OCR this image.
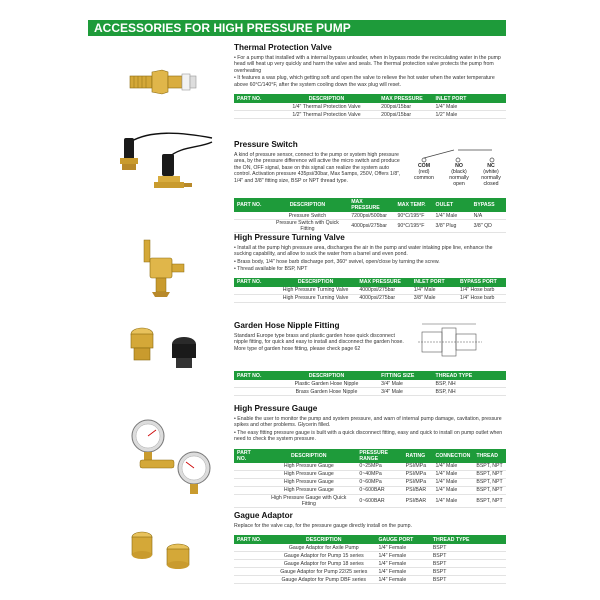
ACCESSORIES FOR HIGH PRESSURE PUMP
Thermal Protection Valve

• For a pump that installed with a internal bypass unloader, when in bypass mode the recirculating water in the pump head will heat up very quickly and harm the valve and seals. The thermal protection valve protects the pump from overheating

• It features a wax plug, which getting soft and open the valve to relieve the hot water when the water temperature above 60°C/140°F, after the system cooling down the wax plug will reset.

PART NO.	DESCRIPTION	MAX PRESSURE	INLET PORT
	1/4" Thermal Protection Valve	200psi/15bar	1/4" Male
	1/2" Thermal Protection Valve	200psi/15bar	1/2" Male
Pressure Switch

A kind of pressure sensor, connect to the pump or system high pressure area, by the pressure difference will active the micro switch and produce the ON, OFF signal, base on this signal can realize the system auto control. Activation pressure 435psi/30bar, Max 5amps, 250V, Offers 1/8", 1/4" and 3/8" fitting size, BSP or NPT thread type.

COM
(red)
common
NO
(black)
normally open
NC
(white)
normally closed
PART NO.	DESCRIPTION	MAX PRESSURE	MAX TEMP.	OULET	BYPASS
	Pressure Switch	7200psi/500bar	90°C/195°F	1/4" Male	N/A
	Pressure Switch with Quick Fitting	4000psi/275bar	90°C/195°F	3/8" Plug	3/8" QD
High Pressure Turning Valve

• Install at the pump high pressure area, discharges the air in the pump and water intaking pipe line, enhance the sucking capability, and allow to suck the water from a barrel and even pond.

• Brass body, 1/4" hose barb discharge port, 360° swivel, open/close by turning the screw.

• Thread available for BSP, NPT

PART NO.	DESCRIPTION	MAX PRESSURE	INLET PORT	BYPASS PORT
	High Pressure Turning Valve	4000psi/275bar	1/4" Male	1/4" Hose barb
	High Pressure Turning Valve	4000psi/275bar	3/8" Male	1/4" Hose barb
Garden Hose Nipple Fitting

Standard Europe type brass and plastic garden hose quick disconnect nipple fitting, for quick and easy to install and disconnect the garden hose. More type of garden hose fitting, please check page 62

PART NO.	DESCRIPTION	FITTING SIZE	THREAD TYPE
	Plastic Garden Hose Nipple	3/4" Male	BSP, NH
	Brass Garden Hose Nipple	3/4" Male	BSP, NH
High Pressure Gauge

• Enable the user to monitor the pump and system pressure, and warn of internal pump damage, cavitation, pressure spikes and other problems. Glycerin filled.

• The easy fitting pressure gauge is built with a quick disconnect fitting, easy and quick to install on pump outlet when need to check the system pressure.

PART NO.	DESCRIPTION	PRESSURE RANGE	RATING	CONNECTION	THREAD
	High Pressure Gauge	0~25MPa	PSI/MPa	1/4" Male	BSPT, NPT
	High Pressure Gauge	0~40MPa	PSI/MPa	1/4" Male	BSPT, NPT
	High Pressure Gauge	0~60MPa	PSI/MPa	1/4" Male	BSPT, NPT
	High Pressure Gauge	0~600BAR	PSI/BAR	1/4" Male	BSPT, NPT
	High Pressure Gauge with Quick Fitting	0~600BAR	PSI/BAR	1/4" Male	BSPT, NPT
Gague Adaptor

Replace for the valve cap, for the pressure gauge directly install on the pump.

PART NO.	DESCRIPTION	GAUGE PORT	THREAD TYPE
	Gauge Adaptor for Axile Pump	1/4" Female	BSPT
	Gauge Adaptor for Pump 15 series	1/4" Female	BSPT
	Gauge Adaptor for Pump 18 series	1/4" Female	BSPT
	Gauge Adaptor for Pump 22/25 series	1/4" Female	BSPT
	Gauge Adaptor for Pump DBF series	1/4" Female	BSPT
